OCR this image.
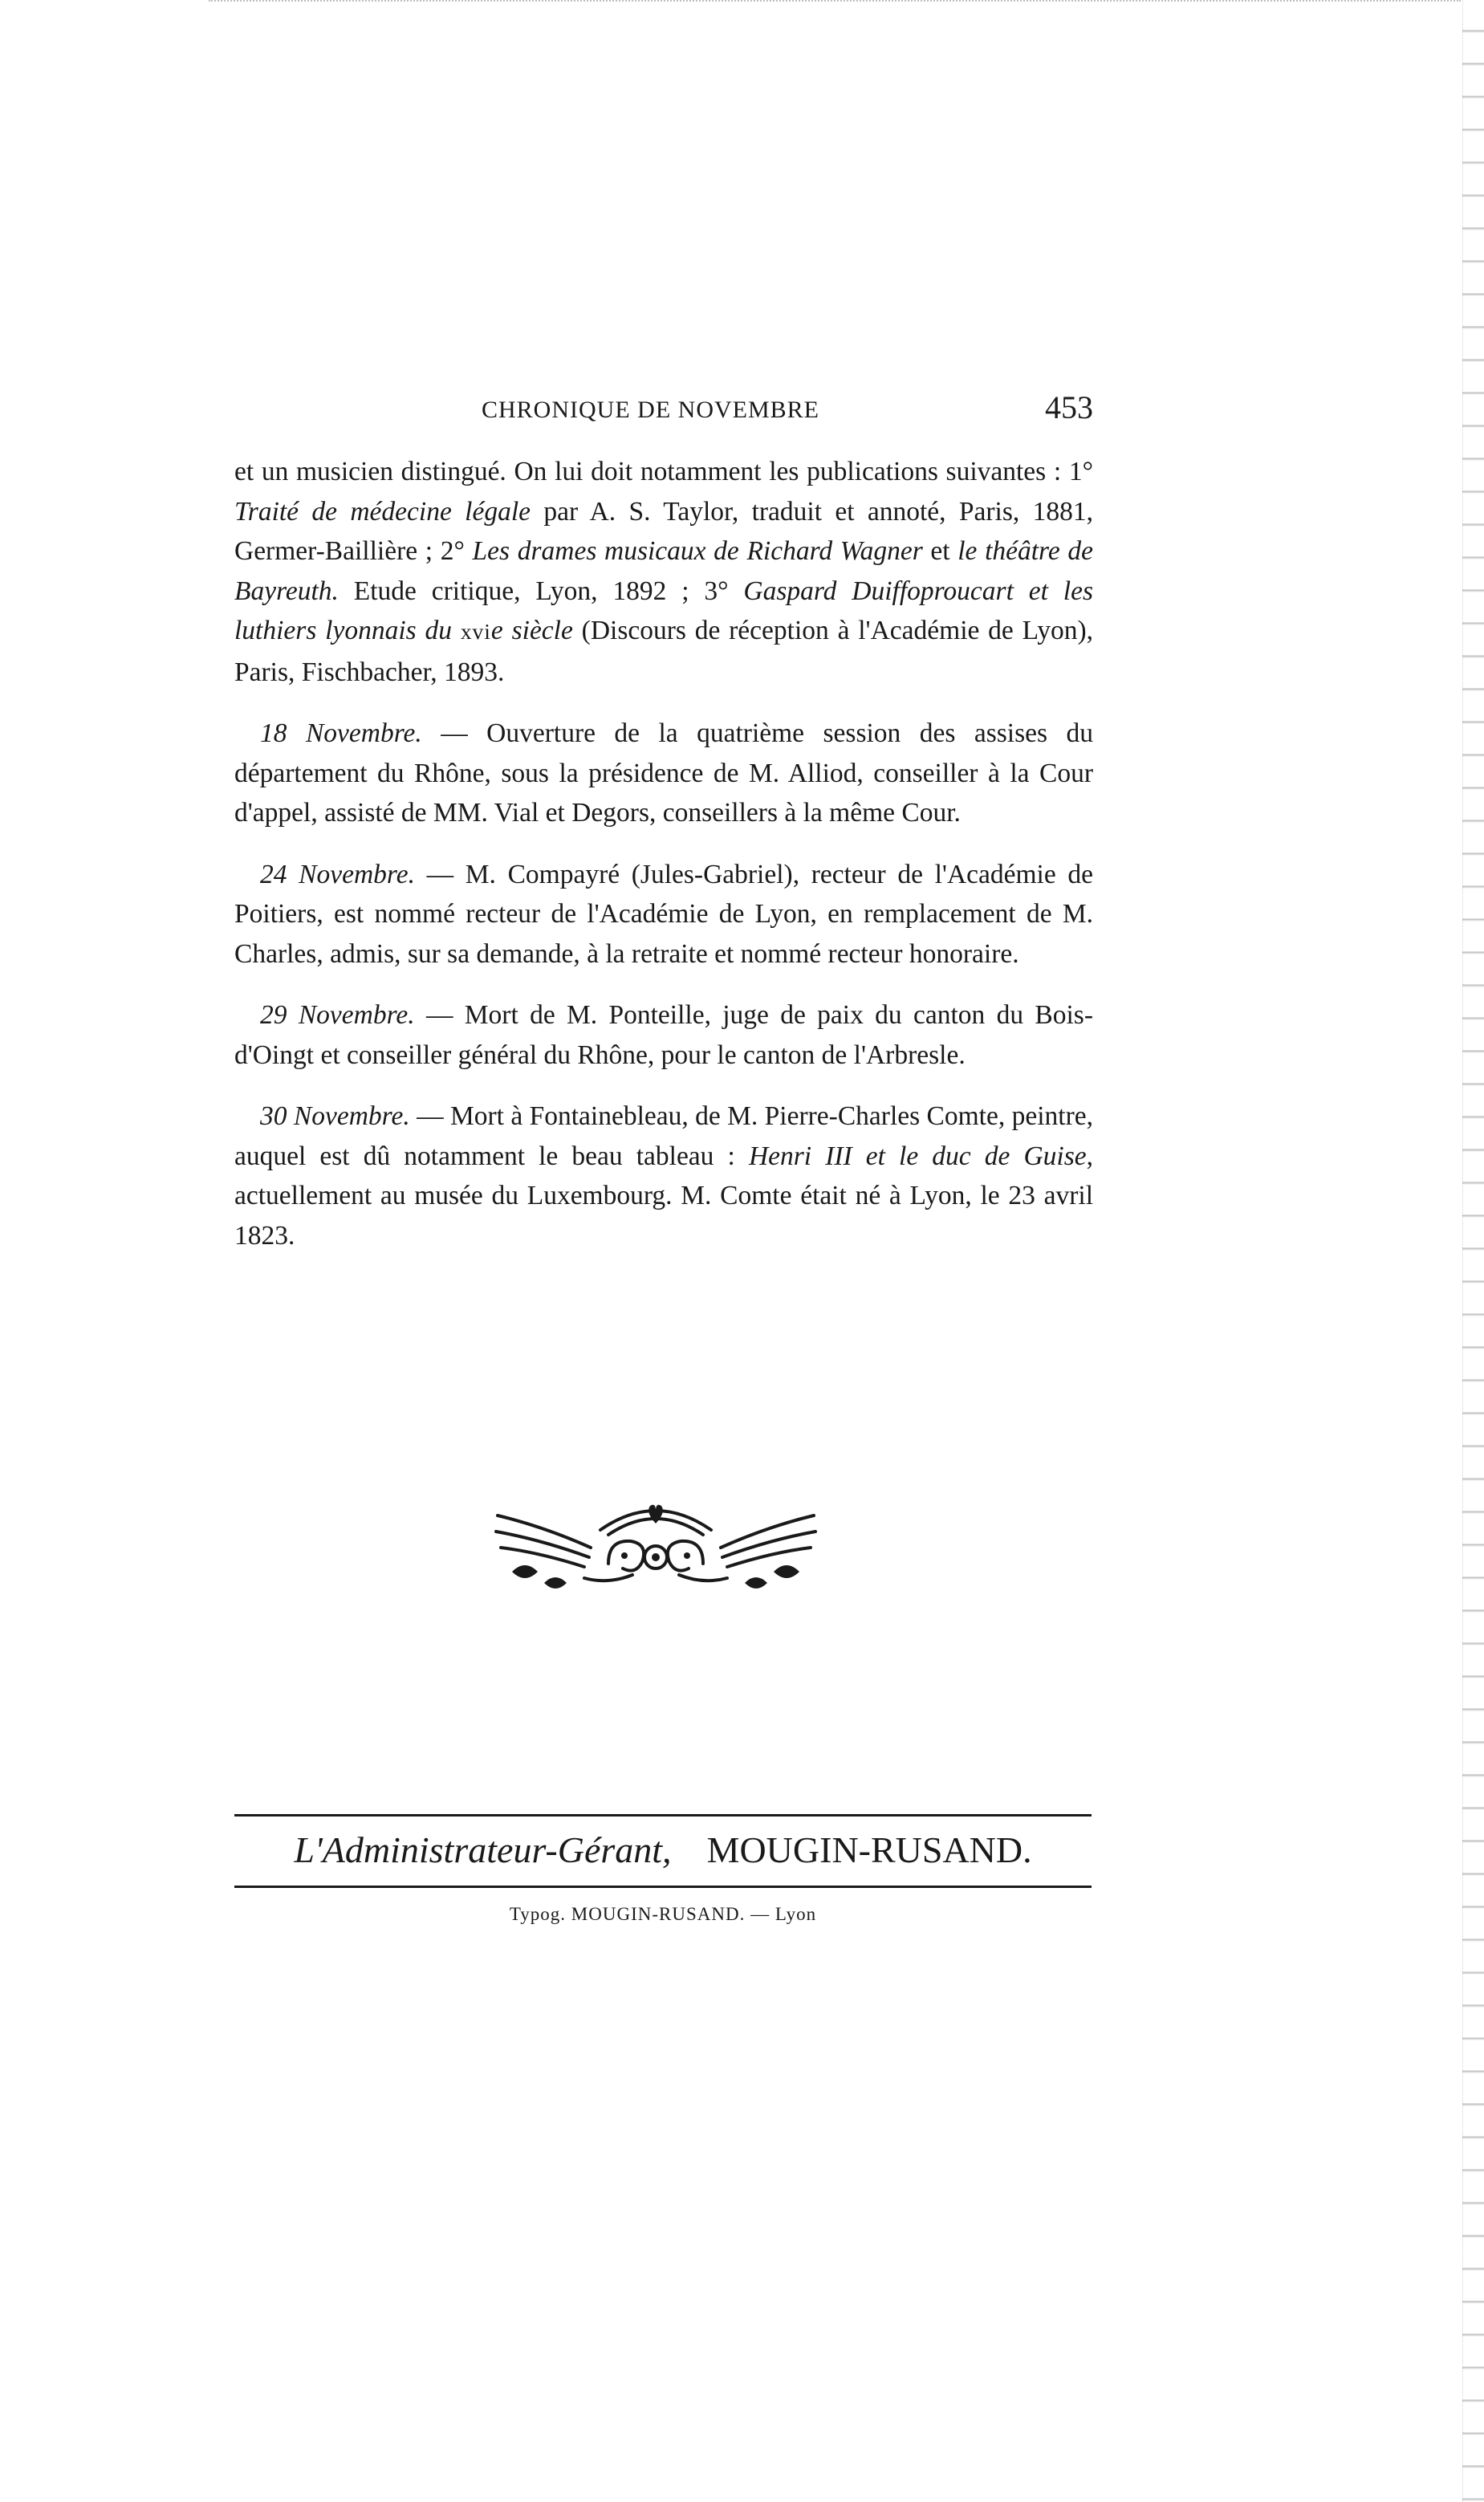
CHRONIQUE DE NOVEMBRE	453

et un musicien distingué. On lui doit notamment les publications suivantes : 1° Traité de médecine légale par A. S. Taylor, traduit et annoté, Paris, 1881, Germer-Baillière ; 2° Les drames musicaux de Richard Wagner et le théâtre de Bayreuth. Etude critique, Lyon, 1892 ; 3° Gaspard Duiffoproucart et les luthiers lyonnais du xvie siècle (Discours de réception à l'Académie de Lyon), Paris, Fischbacher, 1893.

18 Novembre. — Ouverture de la quatrième session des assises du département du Rhône, sous la présidence de M. Alliod, conseiller à la Cour d'appel, assisté de MM. Vial et Degors, conseillers à la même Cour.

24 Novembre. — M. Compayré (Jules-Gabriel), recteur de l'Académie de Poitiers, est nommé recteur de l'Académie de Lyon, en remplacement de M. Charles, admis, sur sa demande, à la retraite et nommé recteur honoraire.

29 Novembre. — Mort de M. Ponteille, juge de paix du canton du Bois-d'Oingt et conseiller général du Rhône, pour le canton de l'Arbresle.

30 Novembre. — Mort à Fontainebleau, de M. Pierre-Charles Comte, peintre, auquel est dû notamment le beau tableau : Henri III et le duc de Guise, actuellement au musée du Luxembourg. M. Comte était né à Lyon, le 23 avril 1823.

L'Administrateur-Gérant, MOUGIN-RUSAND.
Typog. MOUGIN-RUSAND. — Lyon
